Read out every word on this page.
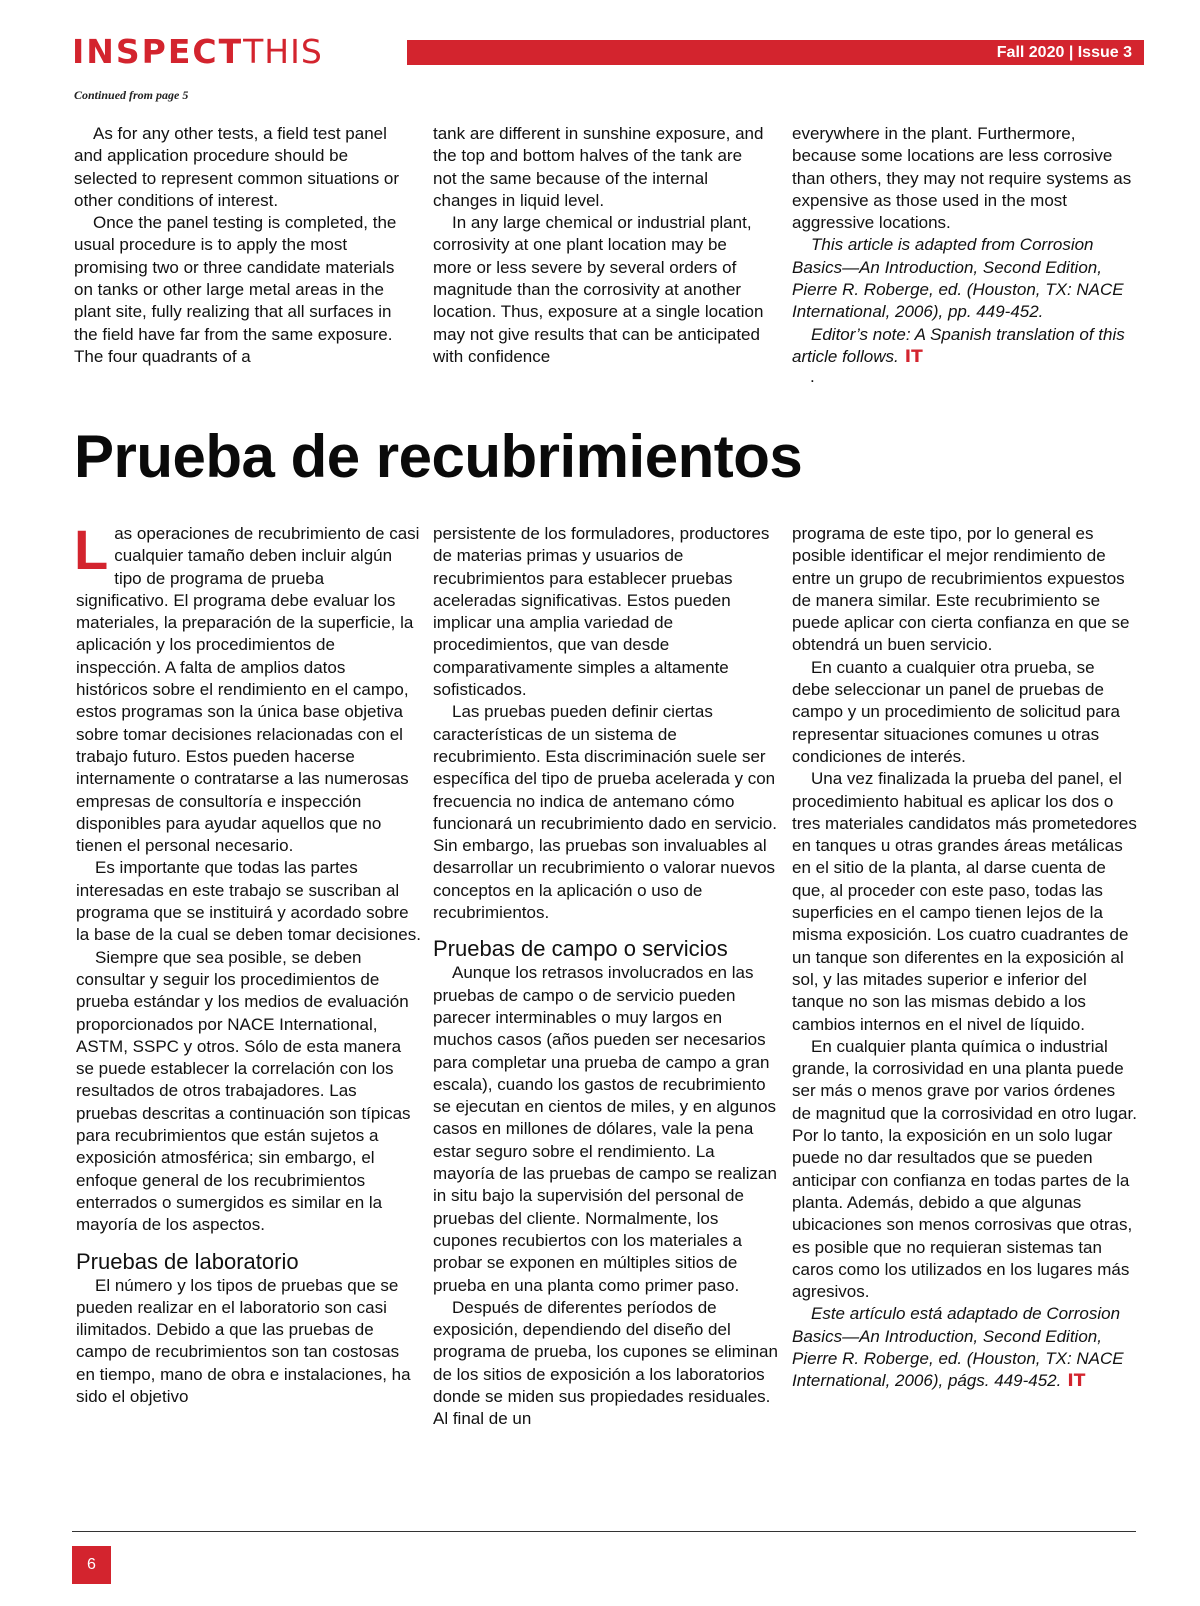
INSPECTTHIS	Fall 2020 | Issue 3
Continued from page 5

As for any other tests, a field test panel and application procedure should be selected to represent common situations or other conditions of interest.

Once the panel testing is completed, the usual procedure is to apply the most promising two or three candidate materials on tanks or other large metal areas in the plant site, fully realizing that all surfaces in the field have far from the same exposure. The four quadrants of a

tank are different in sunshine exposure, and the top and bottom halves of the tank are not the same because of the internal changes in liquid level.

In any large chemical or industrial plant, corrosivity at one plant location may be more or less severe by several orders of magnitude than the corrosivity at another location. Thus, exposure at a single location may not give results that can be anticipated with confidence

everywhere in the plant. Furthermore, because some locations are less corrosive than others, they may not require systems as expensive as those used in the most aggressive locations.

This article is adapted from Corrosion Basics—An Introduction, Second Edition, Pierre R. Roberge, ed. (Houston, TX: NACE International, 2006), pp. 449-452.

Editor’s note: A Spanish translation of this article follows. IT

.
Prueba de recubrimientos

Las operaciones de recubrimiento de casi cualquier tamaño deben incluir algún tipo de programa de prueba significativo. El programa debe evaluar los materiales, la preparación de la superficie, la aplicación y los procedimientos de inspección. A falta de amplios datos históricos sobre el rendimiento en el campo, estos programas son la única base objetiva sobre tomar decisiones relacionadas con el trabajo futuro. Estos pueden hacerse internamente o contratarse a las numerosas empresas de consultoría e inspección disponibles para ayudar aquellos que no tienen el personal necesario.

Es importante que todas las partes interesadas en este trabajo se suscriban al programa que se instituirá y acordado sobre la base de la cual se deben tomar decisiones.

Siempre que sea posible, se deben consultar y seguir los procedimientos de prueba estándar y los medios de evaluación proporcionados por NACE International, ASTM, SSPC y otros. Sólo de esta manera se puede establecer la correlación con los resultados de otros trabajadores. Las pruebas descritas a continuación son típicas para recubrimientos que están sujetos a exposición atmosférica; sin embargo, el enfoque general de los recubrimientos enterrados o sumergidos es similar en la mayoría de los aspectos.

Pruebas de laboratorio

El número y los tipos de pruebas que se pueden realizar en el laboratorio son casi ilimitados. Debido a que las pruebas de campo de recubrimientos son tan costosas en tiempo, mano de obra e instalaciones, ha sido el objetivo

persistente de los formuladores, productores de materias primas y usuarios de recubrimientos para establecer pruebas aceleradas significativas. Estos pueden implicar una amplia variedad de procedimientos, que van desde comparativamente simples a altamente sofisticados.

Las pruebas pueden definir ciertas características de un sistema de recubrimiento. Esta discriminación suele ser específica del tipo de prueba acelerada y con frecuencia no indica de antemano cómo funcionará un recubrimiento dado en servicio. Sin embargo, las pruebas son invaluables al desarrollar un recubrimiento o valorar nuevos conceptos en la aplicación o uso de recubrimientos.

Pruebas de campo o servicios

Aunque los retrasos involucrados en las pruebas de campo o de servicio pueden parecer interminables o muy largos en muchos casos (años pueden ser necesarios para completar una prueba de campo a gran escala), cuando los gastos de recubrimiento se ejecutan en cientos de miles, y en algunos casos en millones de dólares, vale la pena estar seguro sobre el rendimiento. La mayoría de las pruebas de campo se realizan in situ bajo la supervisión del personal de pruebas del cliente. Normalmente, los cupones recubiertos con los materiales a probar se exponen en múltiples sitios de prueba en una planta como primer paso.

Después de diferentes períodos de exposición, dependiendo del diseño del programa de prueba, los cupones se eliminan de los sitios de exposición a los laboratorios donde se miden sus propiedades residuales. Al final de un

programa de este tipo, por lo general es posible identificar el mejor rendimiento de entre un grupo de recubrimientos expuestos de manera similar. Este recubrimiento se puede aplicar con cierta confianza en que se obtendrá un buen servicio.

En cuanto a cualquier otra prueba, se debe seleccionar un panel de pruebas de campo y un procedimiento de solicitud para representar situaciones comunes u otras condiciones de interés.

Una vez finalizada la prueba del panel, el procedimiento habitual es aplicar los dos o tres materiales candidatos más prometedores en tanques u otras grandes áreas metálicas en el sitio de la planta, al darse cuenta de que, al proceder con este paso, todas las superficies en el campo tienen lejos de la misma exposición. Los cuatro cuadrantes de un tanque son diferentes en la exposición al sol, y las mitades superior e inferior del tanque no son las mismas debido a los cambios internos en el nivel de líquido.

En cualquier planta química o industrial grande, la corrosividad en una planta puede ser más o menos grave por varios órdenes de magnitud que la corrosividad en otro lugar. Por lo tanto, la exposición en un solo lugar puede no dar resultados que se pueden anticipar con confianza en todas partes de la planta. Además, debido a que algunas ubicaciones son menos corrosivas que otras, es posible que no requieran sistemas tan caros como los utilizados en los lugares más agresivos.

Este artículo está adaptado de Corrosion Basics—An Introduction, Second Edition, Pierre R. Roberge, ed. (Houston, TX: NACE International, 2006), págs. 449-452. IT

6
